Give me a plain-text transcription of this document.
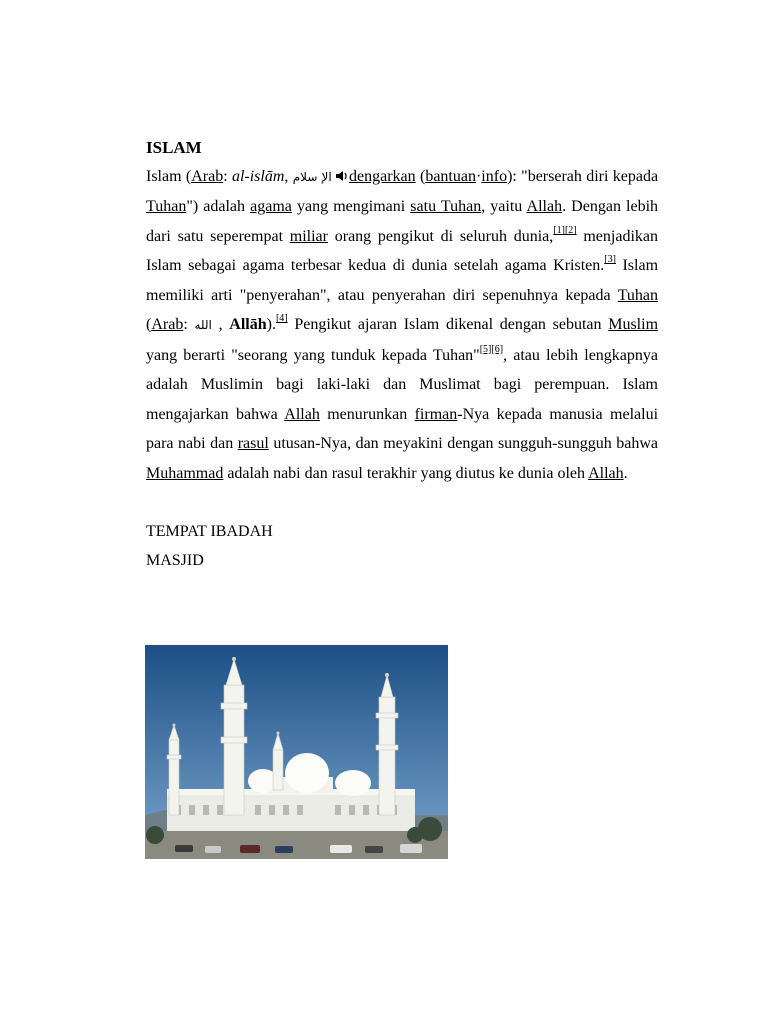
ISLAM

Islam (Arab: al-islām, الإ سلام dengarkan (bantuan·info): "berserah diri kepada Tuhan") adalah agama yang mengimani satu Tuhan, yaitu Allah. Dengan lebih dari satu seperempat miliar orang pengikut di seluruh dunia,[1][2] menjadikan Islam sebagai agama terbesar kedua di dunia setelah agama Kristen.[3] Islam memiliki arti "penyerahan", atau penyerahan diri sepenuhnya kepada Tuhan (Arab: الله , Allāh).[4] Pengikut ajaran Islam dikenal dengan sebutan Muslim yang berarti "seorang yang tunduk kepada Tuhan"[5][6], atau lebih lengkapnya adalah Muslimin bagi laki-laki dan Muslimat bagi perempuan. Islam mengajarkan bahwa Allah menurunkan firman-Nya kepada manusia melalui para nabi dan rasul utusan-Nya, dan meyakini dengan sungguh-sungguh bahwa Muhammad adalah nabi dan rasul terakhir yang diutus ke dunia oleh Allah.

TEMPAT IBADAH

MASJID
